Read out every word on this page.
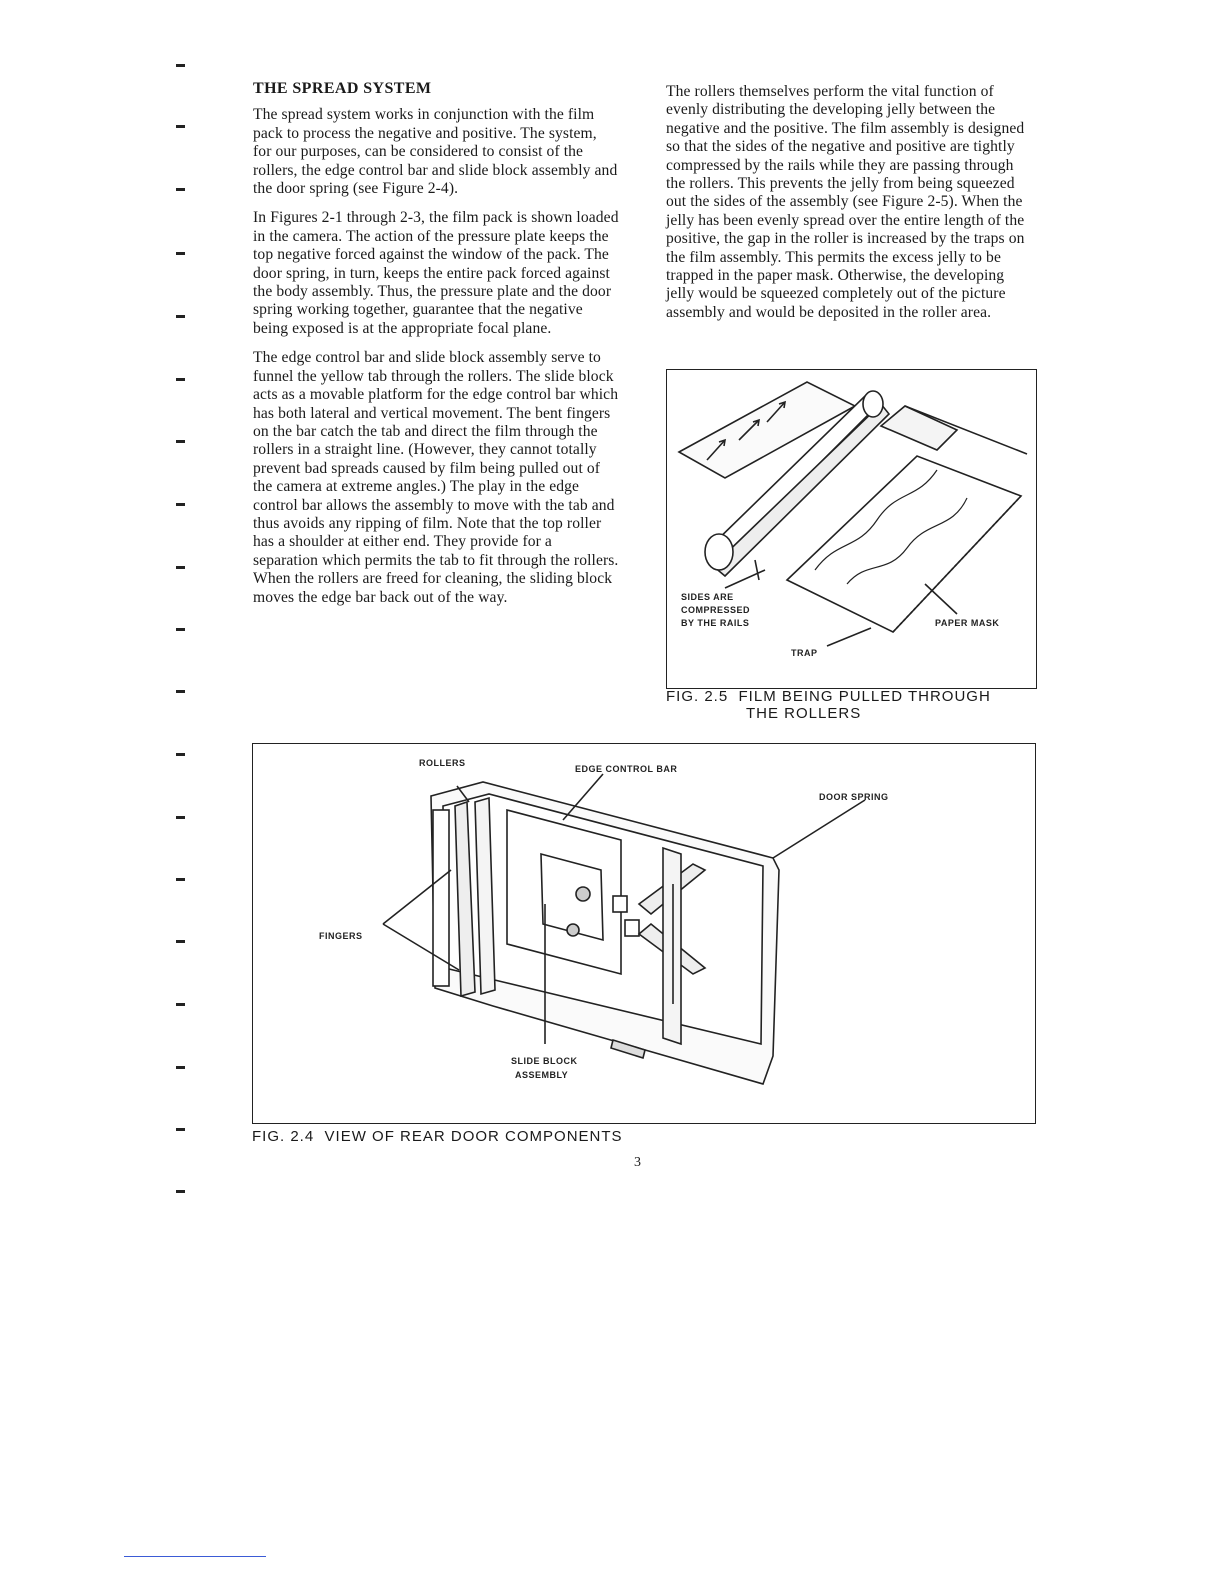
THE SPREAD SYSTEM

The spread system works in conjunction with the film pack to process the negative and positive. The system, for our purposes, can be considered to consist of the rollers, the edge control bar and slide block assembly and the door spring (see Figure 2-4).

In Figures 2-1 through 2-3, the film pack is shown loaded in the camera. The action of the pressure plate keeps the top negative forced against the window of the pack. The door spring, in turn, keeps the entire pack forced against the body assembly. Thus, the pressure plate and the door spring working together, guarantee that the negative being exposed is at the appropriate focal plane.

The edge control bar and slide block assembly serve to funnel the yellow tab through the rollers. The slide block acts as a movable platform for the edge control bar which has both lateral and vertical movement. The bent fingers on the bar catch the tab and direct the film through the rollers in a straight line. (However, they cannot totally prevent bad spreads caused by film being pulled out of the camera at extreme angles.) The play in the edge control bar allows the assembly to move with the tab and thus avoids any ripping of film. Note that the top roller has a shoulder at either end. They provide for a separation which permits the tab to fit through the rollers. When the rollers are freed for cleaning, the sliding block moves the edge bar back out of the way.

The rollers themselves perform the vital function of evenly distributing the developing jelly between the negative and the positive. The film assembly is designed so that the sides of the negative and positive are tightly compressed by the rails while they are passing through the rollers. This prevents the jelly from being squeezed out the sides of the assembly (see Figure 2-5). When the jelly has been evenly spread over the entire length of the positive, the gap in the roller is increased by the traps on the film assembly. This permits the excess jelly to be trapped in the paper mask. Otherwise, the developing jelly would be squeezed completely out of the picture assembly and would be deposited in the roller area.

SIDES ARE
COMPRESSED
BY THE RAILS	PAPER MASK
TRAP
FIG. 2.5  FILM BEING PULLED THROUGH
THE ROLLERS
ROLLERS
EDGE CONTROL BAR
DOOR SPRING
FINGERS
SLIDE BLOCK
ASSEMBLY
FIG. 2.4  VIEW OF REAR DOOR COMPONENTS
3
